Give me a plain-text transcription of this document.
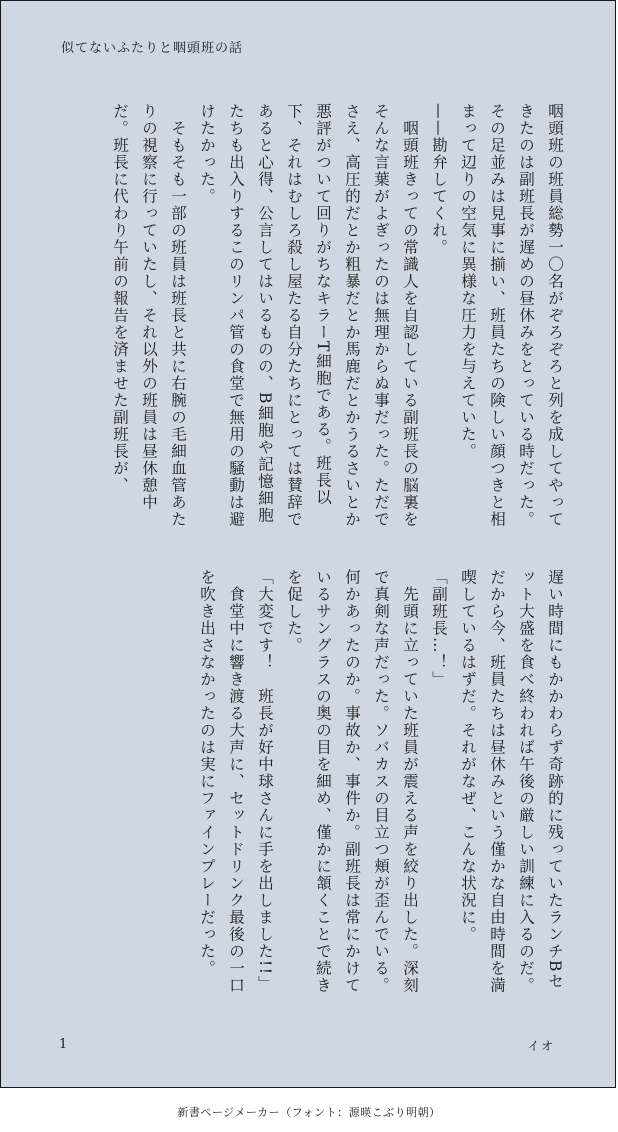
似てないふたりと咽頭班の話

咽頭班の班員総勢一〇名がぞろぞろと列を成してやってきたのは副班長が遅めの昼休みをとっている時だった。その足並みは見事に揃い、班員たちの険しい顔つきと相まって辺りの空気に異様な圧力を与えていた。

——勘弁してくれ。

　咽頭班きっての常識人を自認している副班長の脳裏をそんな言葉がよぎったのは無理からぬ事だった。ただでさえ、高圧的だとか粗暴だとか馬鹿だとかうるさいとか悪評がついて回りがちなキラーT細胞である。班長以下、それはむしろ殺し屋たる自分たちにとっては賛辞であると心得、公言してはいるものの、B細胞や記憶細胞たちも出入りするこのリンパ管の食堂で無用の騒動は避けたかった。

　そもそも一部の班員は班長と共に右腕の毛細血管あたりの視察に行っていたし、それ以外の班員は昼休憩中だ。班長に代わり午前の報告を済ませた副班長が、

遅い時間にもかかわらず奇跡的に残っていたランチBセット大盛を食べ終われば午後の厳しい訓練に入るのだ。だから今、班員たちは昼休みという僅かな自由時間を満喫しているはずだ。それがなぜ、こんな状況に。

「副班長…！」

　先頭に立っていた班員が震える声を絞り出した。深刻で真剣な声だった。ソバカスの目立つ頬が歪んでいる。何かあったのか。事故か、事件か。副班長は常にかけているサングラスの奥の目を細め、僅かに頷くことで続きを促した。

「大変です！　班長が好中球さんに手を出しました!!」

　食堂中に響き渡る大声に、セットドリンク最後の一口を吹き出さなかったのは実にファインプレーだった。

1	イオ
新書ページメーカー（フォント：源暎こぶり明朝）
